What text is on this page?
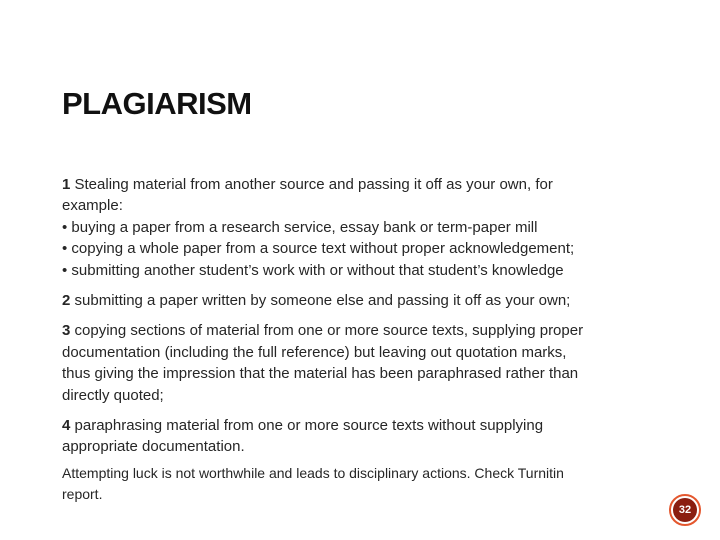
PLAGIARISM

1 Stealing material from another source and passing it off as your own, for
example:
• buying a paper from a research service, essay bank or term-paper mill
• copying a whole paper from a source text without proper acknowledgement;
• submitting another student’s work with or without that student’s knowledge

2 submitting a paper written by someone else and passing it off as your own;

3 copying sections of material from one or more source texts, supplying proper
documentation (including the full reference) but leaving out quotation marks,
thus giving the impression that the material has been paraphrased rather than
directly quoted;

4 paraphrasing material from one or more source texts without supplying
appropriate documentation.

Attempting luck is not worthwhile and leads to disciplinary actions. Check Turnitin
report.

32
